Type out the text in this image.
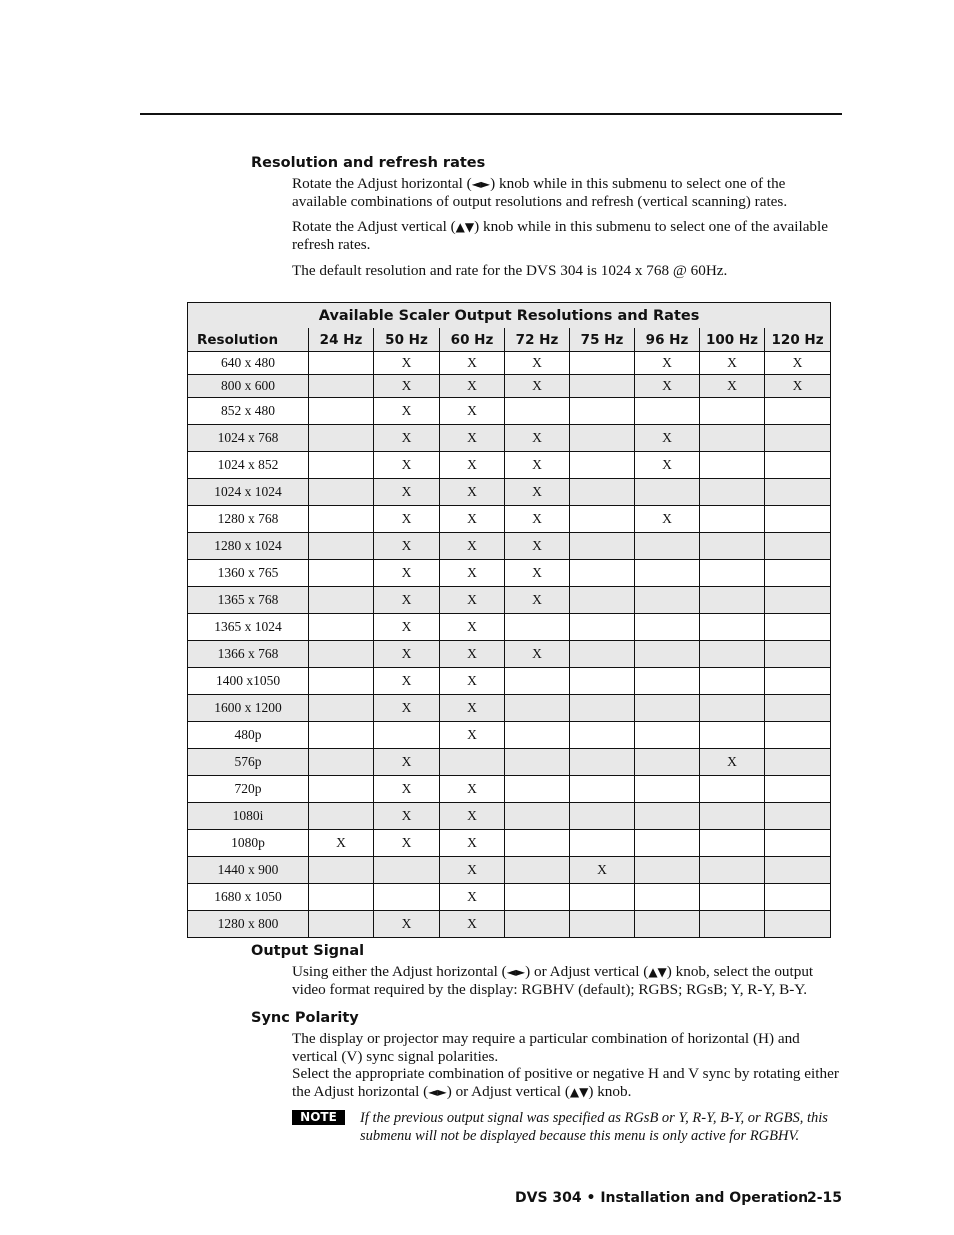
Resolution and refresh rates
Rotate the Adjust horizontal (◄►) knob while in this submenu to select one of the available combinations of output resolutions and refresh (vertical scanning) rates.
Rotate the Adjust vertical (▲▼) knob while in this submenu to select one of the available refresh rates.
The default resolution and rate for the DVS 304 is 1024 x 768 @ 60Hz.
Available Scaler Output Resolutions and Rates								
Resolution	24 Hz	50 Hz	60 Hz	72 Hz	75 Hz	96 Hz	100 Hz	120 Hz
640 x 480		X	X	X		X	X	X
800 x 600		X	X	X		X	X	X
852 x 480		X	X					
1024 x 768		X	X	X		X		
1024 x 852		X	X	X		X		
1024 x 1024		X	X	X				
1280 x 768		X	X	X		X		
1280 x 1024		X	X	X				
1360 x 765		X	X	X				
1365 x 768		X	X	X				
1365 x 1024		X	X					
1366 x 768		X	X	X				
1400 x1050		X	X					
1600 x 1200		X	X					
480p			X					
576p		X					X	
720p		X	X					
1080i		X	X					
1080p	X	X	X					
1440 x 900			X		X			
1680 x 1050			X					
1280 x 800		X	X					
Output Signal
Using either the Adjust horizontal (◄►) or Adjust vertical (▲▼) knob, select the output video format required by the display: RGBHV (default); RGBS; RGsB; Y, R-Y, B-Y.
Sync Polarity
The display or projector may require a particular combination of horizontal (H) and vertical (V) sync signal polarities.
Select the appropriate combination of positive or negative H and V sync by rotating either the Adjust horizontal (◄►) or Adjust vertical (▲▼) knob.
NOTE	If the previous output signal was specified as RGsB or Y, R-Y, B-Y, or RGBS, this submenu will not be displayed because this menu is only active for RGBHV.
DVS 304 • Installation and Operation
2-15
